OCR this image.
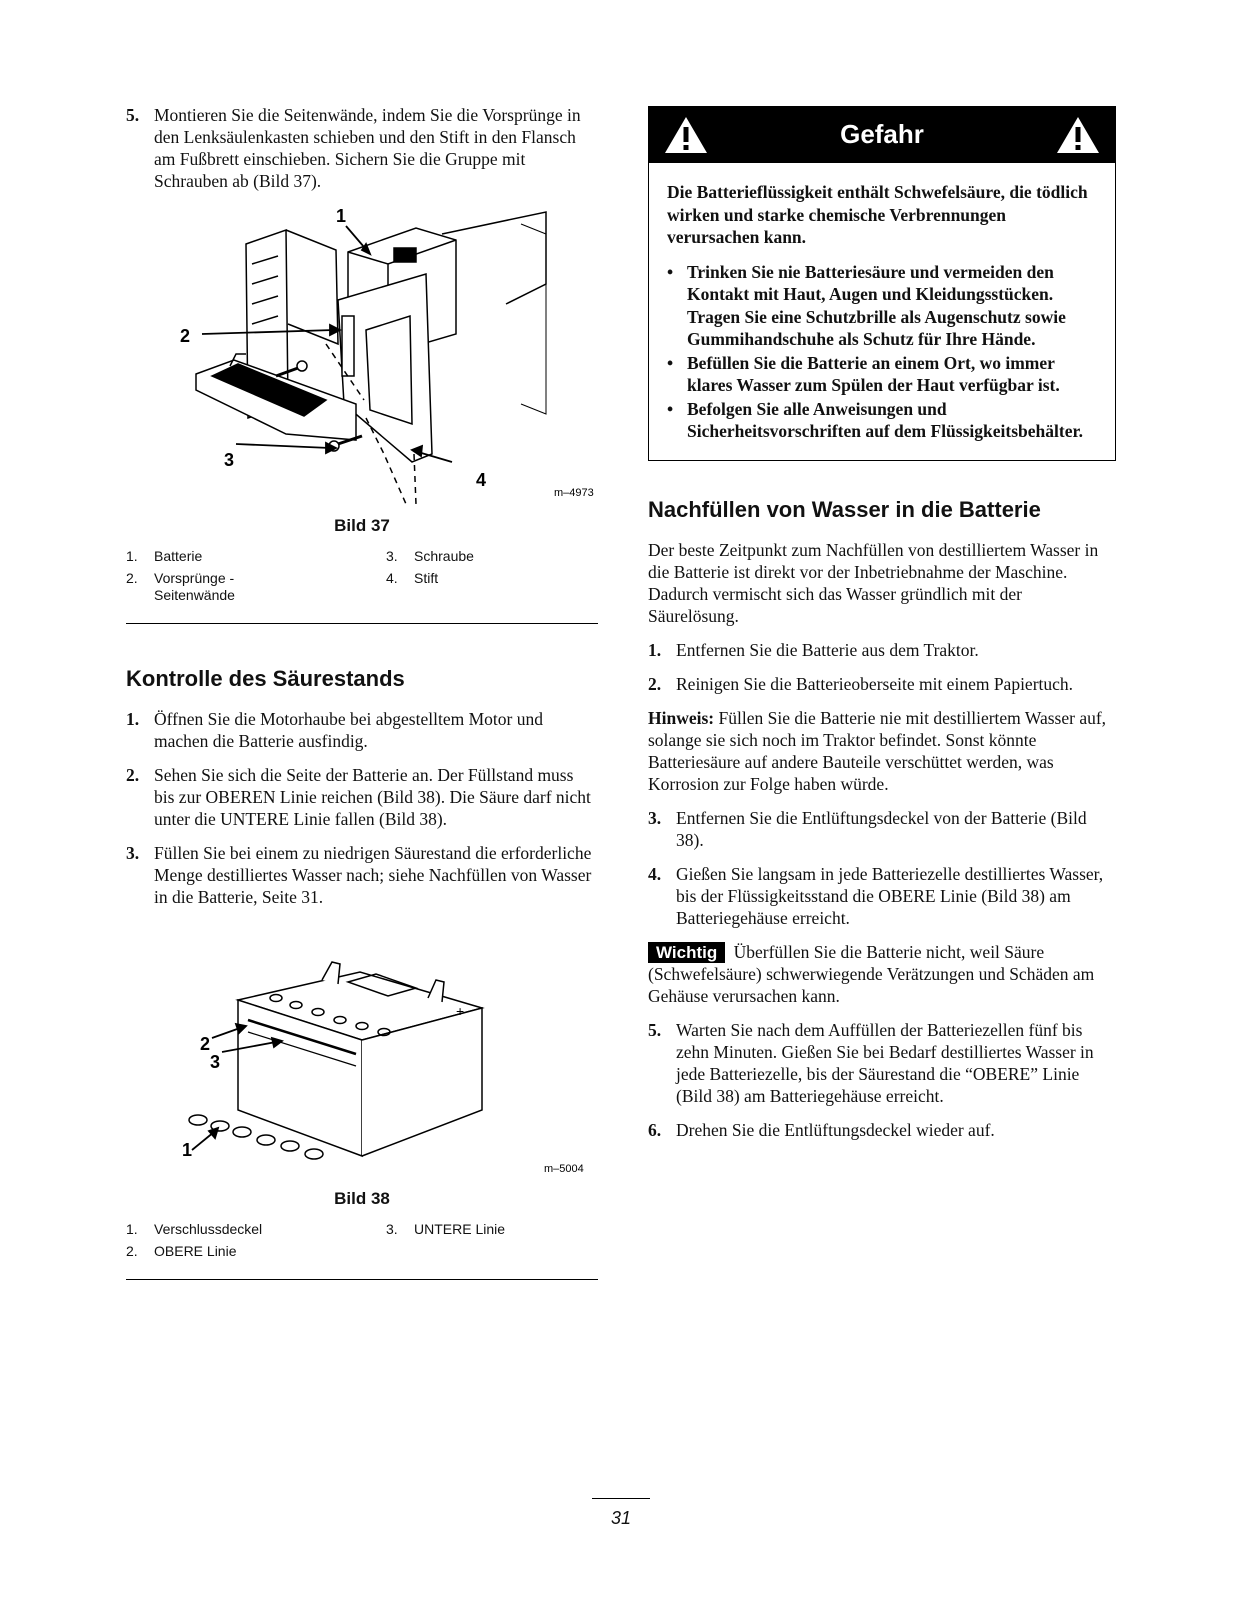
5. Montieren Sie die Seitenwände, indem Sie die Vorsprünge in den Lenksäulenkasten schieben und den Stift in den Flansch am Fußbrett einschieben. Sichern Sie die Gruppe mit Schrauben ab (Bild 37).
1
2
3
4
m–4973
Bild 37
1. Batterie
2. Vorsprünge - Seitenwände
3. Schraube
4. Stift
Kontrolle des Säurestands
1. Öffnen Sie die Motorhaube bei abgestelltem Motor und machen die Batterie ausfindig.
2. Sehen Sie sich die Seite der Batterie an. Der Füllstand muss bis zur OBEREN Linie reichen (Bild 38). Die Säure darf nicht unter die UNTERE Linie fallen (Bild 38).
3. Füllen Sie bei einem zu niedrigen Säurestand die erforderliche Menge destilliertes Wasser nach; siehe Nachfüllen von Wasser in die Batterie, Seite 31.
+
2
3
1
m–5004
Bild 38
1. Verschlussdeckel
2. OBERE Linie
3. UNTERE Linie
Gefahr

Die Batterieflüssigkeit enthält Schwefelsäure, die tödlich wirken und starke chemische Verbrennungen verursachen kann.

• Trinken Sie nie Batteriesäure und vermeiden den Kontakt mit Haut, Augen und Kleidungsstücken. Tragen Sie eine Schutzbrille als Augenschutz sowie Gummihandschuhe als Schutz für Ihre Hände.
• Befüllen Sie die Batterie an einem Ort, wo immer klares Wasser zum Spülen der Haut verfügbar ist.
• Befolgen Sie alle Anweisungen und Sicherheitsvorschriften auf dem Flüssigkeitsbehälter.
Nachfüllen von Wasser in die Batterie

Der beste Zeitpunkt zum Nachfüllen von destilliertem Wasser in die Batterie ist direkt vor der Inbetriebnahme der Maschine. Dadurch vermischt sich das Wasser gründlich mit der Säurelösung.

1. Entfernen Sie die Batterie aus dem Traktor.
2. Reinigen Sie die Batterieoberseite mit einem Papiertuch.

Hinweis: Füllen Sie die Batterie nie mit destilliertem Wasser auf, solange sie sich noch im Traktor befindet. Sonst könnte Batteriesäure auf andere Bauteile verschüttet werden, was Korrosion zur Folge haben würde.

3. Entfernen Sie die Entlüftungsdeckel von der Batterie (Bild 38).
4. Gießen Sie langsam in jede Batteriezelle destilliertes Wasser, bis der Flüssigkeitsstand die OBERE Linie (Bild 38) am Batteriegehäuse erreicht.

Wichtig Überfüllen Sie die Batterie nicht, weil Säure (Schwefelsäure) schwerwiegende Verätzungen und Schäden am Gehäuse verursachen kann.

5. Warten Sie nach dem Auffüllen der Batteriezellen fünf bis zehn Minuten. Gießen Sie bei Bedarf destilliertes Wasser in jede Batteriezelle, bis der Säurestand die “OBERE” Linie (Bild 38) am Batteriegehäuse erreicht.
6. Drehen Sie die Entlüftungsdeckel wieder auf.
31
